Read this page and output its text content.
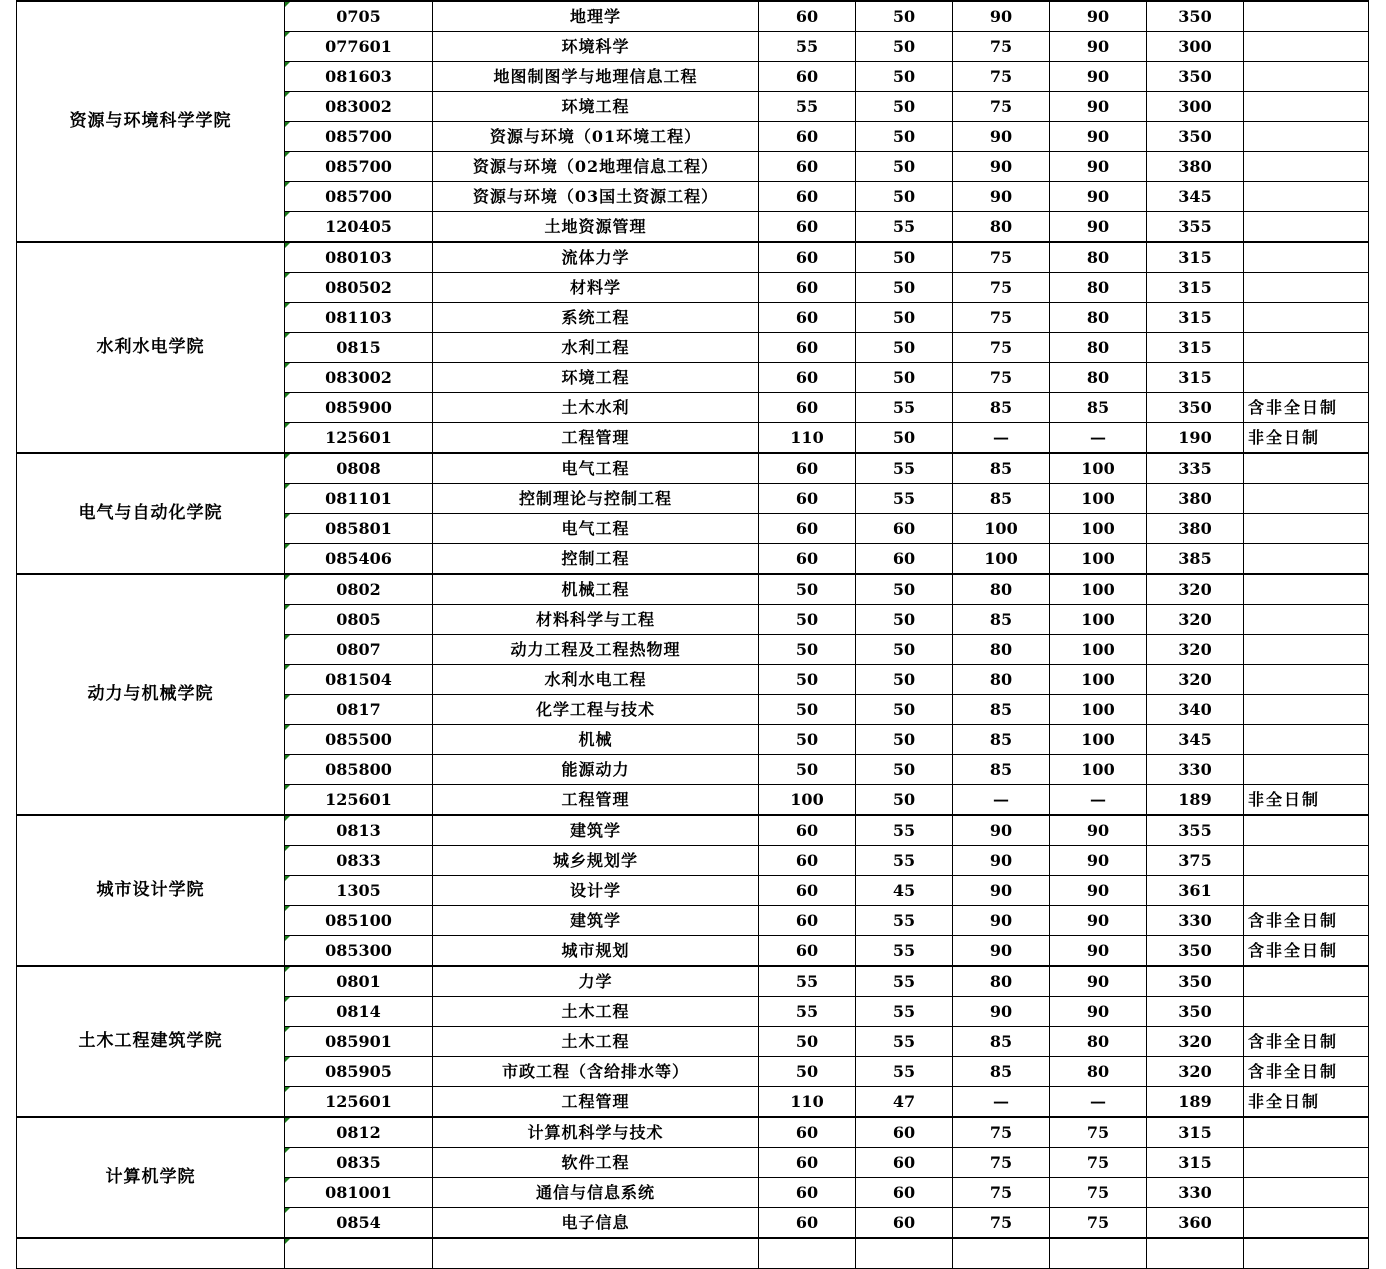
资源与环境科学学院	0705	地理学	60	50	90	90	350	
	077601	环境科学	55	50	75	90	300	
	081603	地图制图学与地理信息工程	60	50	75	90	350	
	083002	环境工程	55	50	75	90	300	
	085700	资源与环境（01环境工程）	60	50	90	90	350	
	085700	资源与环境（02地理信息工程）	60	50	90	90	380	
	085700	资源与环境（03国土资源工程）	60	50	90	90	345	
	120405	土地资源管理	60	55	80	90	355	
水利水电学院	080103	流体力学	60	50	75	80	315	
	080502	材料学	60	50	75	80	315	
	081103	系统工程	60	50	75	80	315	
	0815	水利工程	60	50	75	80	315	
	083002	环境工程	60	50	75	80	315	
	085900	土木水利	60	55	85	85	350	含非全日制
	125601	工程管理	110	50	—	—	190	非全日制
电气与自动化学院	0808	电气工程	60	55	85	100	335	
	081101	控制理论与控制工程	60	55	85	100	380	
	085801	电气工程	60	60	100	100	380	
	085406	控制工程	60	60	100	100	385	
动力与机械学院	0802	机械工程	50	50	80	100	320	
	0805	材料科学与工程	50	50	85	100	320	
	0807	动力工程及工程热物理	50	50	80	100	320	
	081504	水利水电工程	50	50	80	100	320	
	0817	化学工程与技术	50	50	85	100	340	
	085500	机械	50	50	85	100	345	
	085800	能源动力	50	50	85	100	330	
	125601	工程管理	100	50	—	—	189	非全日制
城市设计学院	0813	建筑学	60	55	90	90	355	
	0833	城乡规划学	60	55	90	90	375	
	1305	设计学	60	45	90	90	361	
	085100	建筑学	60	55	90	90	330	含非全日制
	085300	城市规划	60	55	90	90	350	含非全日制
土木工程建筑学院	0801	力学	55	55	80	90	350	
	0814	土木工程	55	55	90	90	350	
	085901	土木工程	50	55	85	80	320	含非全日制
	085905	市政工程（含给排水等）	50	55	85	80	320	含非全日制
	125601	工程管理	110	47	—	—	189	非全日制
计算机学院	0812	计算机科学与技术	60	60	75	75	315	
	0835	软件工程	60	60	75	75	315	
	081001	通信与信息系统	60	60	75	75	330	
	0854	电子信息	60	60	75	75	360	
